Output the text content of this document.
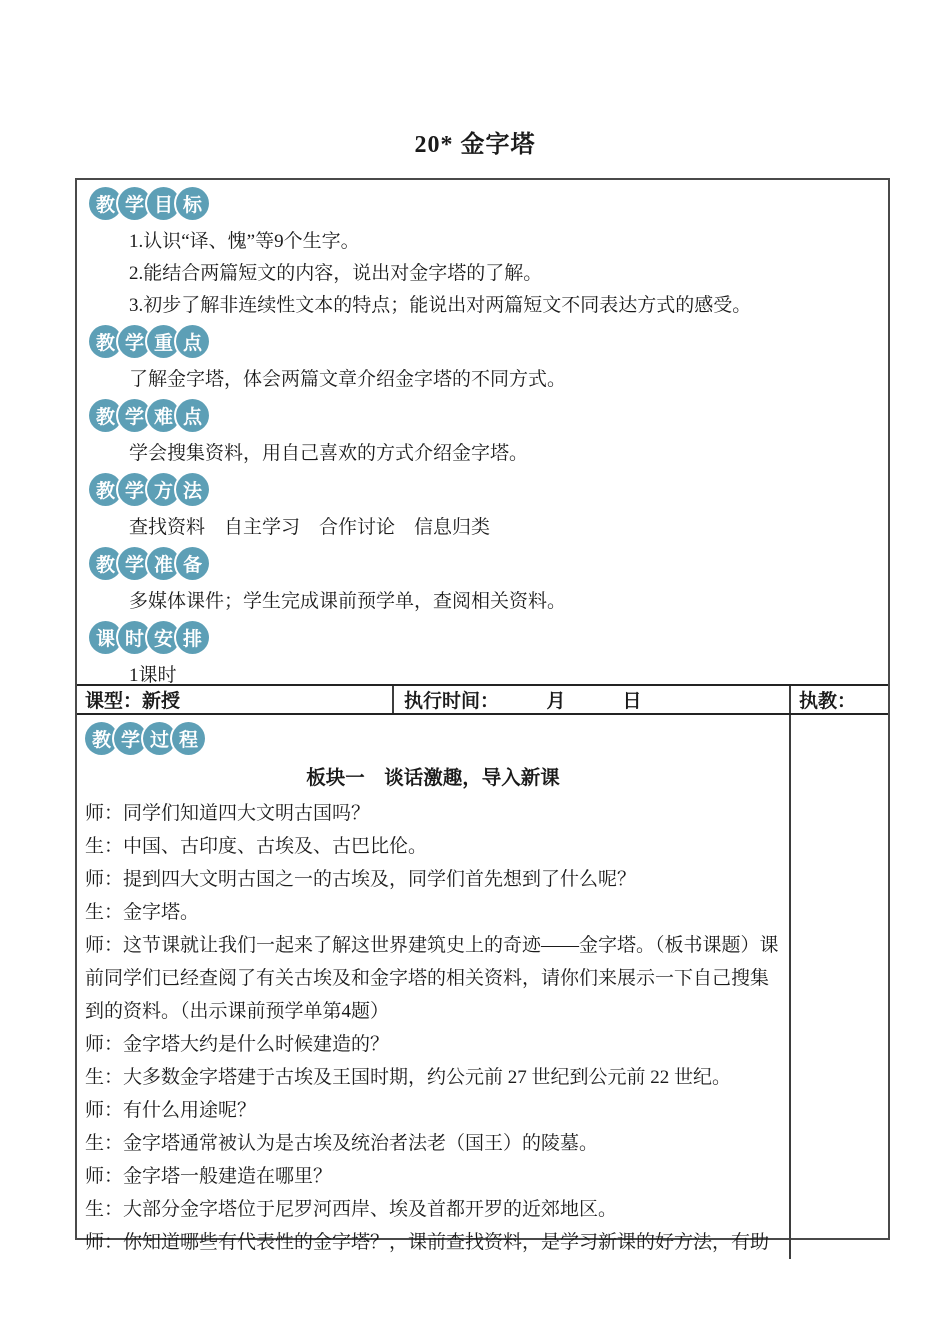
20* 金字塔
教 学 目 标

1.认识“译、愧”等9个生字。

2.能结合两篇短文的内容，说出对金字塔的了解。

3.初步了解非连续性文本的特点；能说出对两篇短文不同表达方式的感受。

教 学 重 点

了解金字塔，体会两篇文章介绍金字塔的不同方式。

教 学 难 点

学会搜集资料，用自己喜欢的方式介绍金字塔。

教 学 方 法

查找资料　自主学习　合作讨论　信息归类

教 学 准 备

多媒体课件；学生完成课前预学单，查阅相关资料。

课 时 安 排

1课时

课型：新授	执行时间：　　　月　　　日	执教：
教 学 过 程

板块一　谈话激趣，导入新课

师：同学们知道四大文明古国吗？

生：中国、古印度、古埃及、古巴比伦。

师：提到四大文明古国之一的古埃及，同学们首先想到了什么呢？

生：金字塔。

师：这节课就让我们一起来了解这世界建筑史上的奇迹——金字塔。（板书课题）课前同学们已经查阅了有关古埃及和金字塔的相关资料，请你们来展示一下自己搜集到的资料。（出示课前预学单第4题）

师：金字塔大约是什么时候建造的？

生：大多数金字塔建于古埃及王国时期，约公元前 27 世纪到公元前 22 世纪。

师：有什么用途呢？

生：金字塔通常被认为是古埃及统治者法老（国王）的陵墓。

师：金字塔一般建造在哪里？

生：大部分金字塔位于尼罗河西岸、埃及首都开罗的近郊地区。

师：你知道哪些有代表性的金字塔？，课前查找资料，是学习新课的好方法，有助
